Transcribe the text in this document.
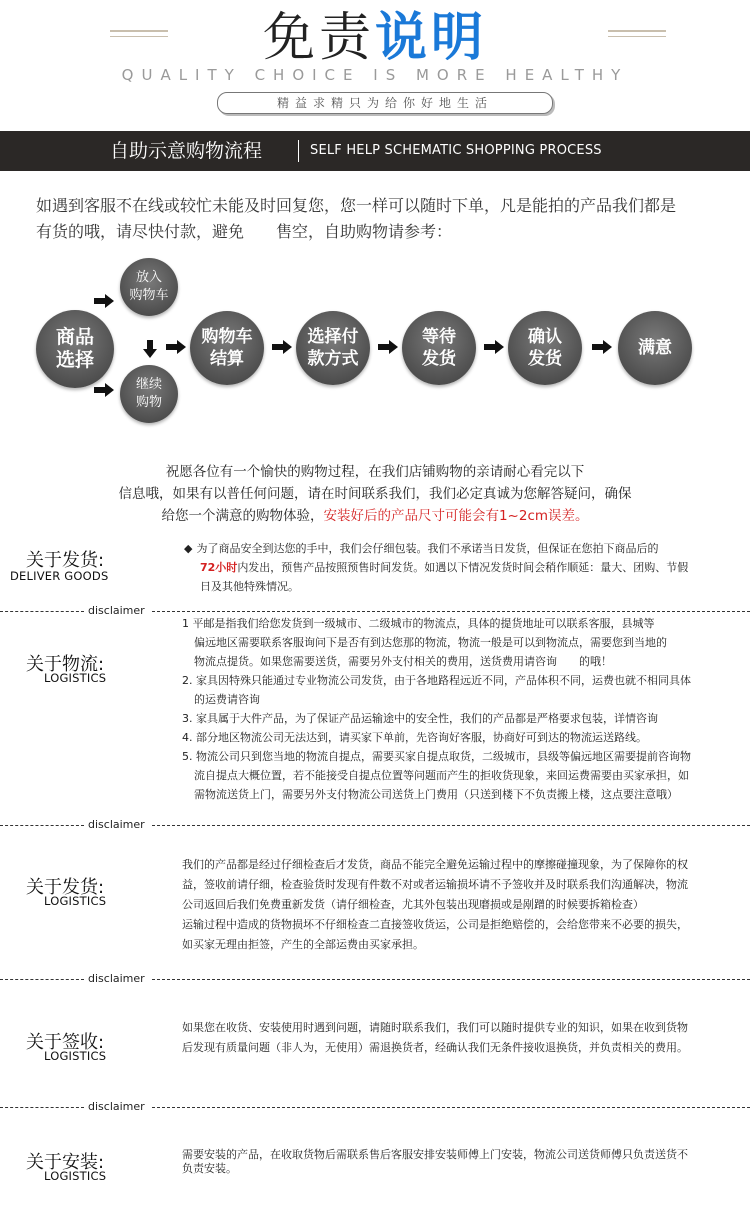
免责说明
QUALITY CHOICE IS MORE HEALTHY
精益求精只为给你好地生活
自助示意购物流程	SELF HELP SCHEMATIC SHOPPING PROCESS
如遇到客服不在线或较忙未能及时回复您，您一样可以随时下单，凡是能拍的产品我们都是
有货的哦，请尽快付款，避免　　售空，自助购物请参考：
商品
选择
放入
购物车
继续
购物
购物车
结算
选择付
款方式
等待
发货
确认
发货
满意
祝愿各位有一个愉快的购物过程，在我们店铺购物的亲请耐心看完以下
信息哦，如果有以普任何问题，请在时间联系我们，我们必定真诚为您解答疑问，确保
给您一个满意的购物体验，安装好后的产品尺寸可能会有1~2cm误差。
关于发货:
DELIVER GOODS
◆ 为了商品安全到达您的手中，我们会仔细包装。我们不承诺当日发货，但保证在您拍下商品后的
72小时内发出，预售产品按照预售时间发货。如遇以下情况发货时间会稍作顺延：量大、团购、节假
日及其他特殊情况。
disclaimer
关于物流:
LOGISTICS
1 平邮是指我们给您发货到一级城市、二级城市的物流点，具体的提货地址可以联系客服，县城等
偏远地区需要联系客服询问下是否有到达您那的物流，物流一般是可以到物流点，需要您到当地的
物流点提货。如果您需要送货，需要另外支付相关的费用，送货费用请咨询　　的哦！
2. 家具因特殊只能通过专业物流公司发货，由于各地路程远近不同，产品体积不同，运费也就不相同具体
的运费请咨询
3. 家具属于大件产品，为了保证产品运输途中的安全性，我们的产品都是严格要求包装，详情咨询
4. 部分地区物流公司无法达到，请买家下单前，先咨询好客服，协商好可到达的物流运送路线。
5. 物流公司只到您当地的物流自提点，需要买家自提点取货，二级城市，县级等偏远地区需要提前咨询物
流自提点大概位置，若不能接受自提点位置等问题而产生的拒收货现象，来回运费需要由买家承担，如
需物流送货上门，需要另外支付物流公司送货上门费用（只送到楼下不负责搬上楼，这点要注意哦）
disclaimer
关于发货:
LOGISTICS
我们的产品都是经过仔细检查后才发货，商品不能完全避免运输过程中的摩擦碰撞现象，为了保障你的权
益，签收前请仔细，检查验货时发现有件数不对或者运输损坏请不予签收并及时联系我们沟通解决，物流
公司返回后我们免费重新发货（请仔细检查，尤其外包装出现磨损或是剐蹭的时候要拆箱检查）
运输过程中造成的货物损坏不仔细检查二直接签收货运，公司是拒绝赔偿的，会给您带来不必要的损失，
如买家无理由拒签，产生的全部运费由买家承担。
disclaimer
关于签收:
LOGISTICS
如果您在收货、安装使用时遇到问题，请随时联系我们，我们可以随时提供专业的知识，如果在收到货物
后发现有质量问题（非人为，无使用）需退换货者，经确认我们无条件接收退换货，并负责相关的费用。
disclaimer
关于安装:
LOGISTICS
需要安装的产品，在收取货物后需联系售后客服安排安装师傅上门安装，物流公司送货师傅只负责送货不
负责安装。
